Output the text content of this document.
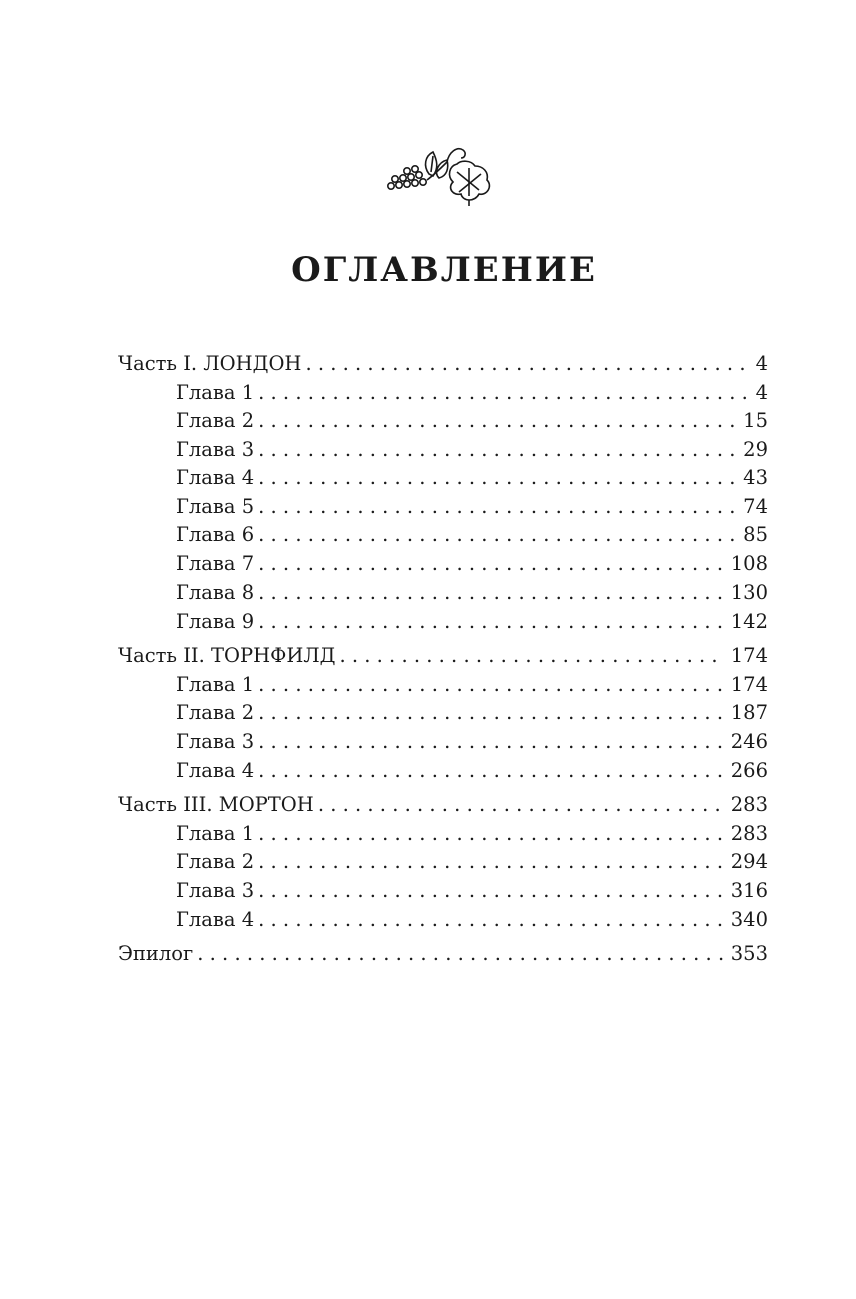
ОГЛАВЛЕНИЕ
Часть I. ЛОНДОН . . .	4
Глава 1 . . .	4
Глава 2 . . .	15
Глава 3 . . .	29
Глава 4 . . .	43
Глава 5 . . .	74
Глава 6 . . .	85
Глава 7 . . .	108
Глава 8 . . .	130
Глава 9 . . .	142
Часть II. ТОРНФИЛД . . .	174
Глава 1 . . .	174
Глава 2 . . .	187
Глава 3 . . .	246
Глава 4 . . .	266
Часть III. МОРТОН . . .	283
Глава 1 . . .	283
Глава 2 . . .	294
Глава 3 . . .	316
Глава 4 . . .	340
Эпилог . . .	353
